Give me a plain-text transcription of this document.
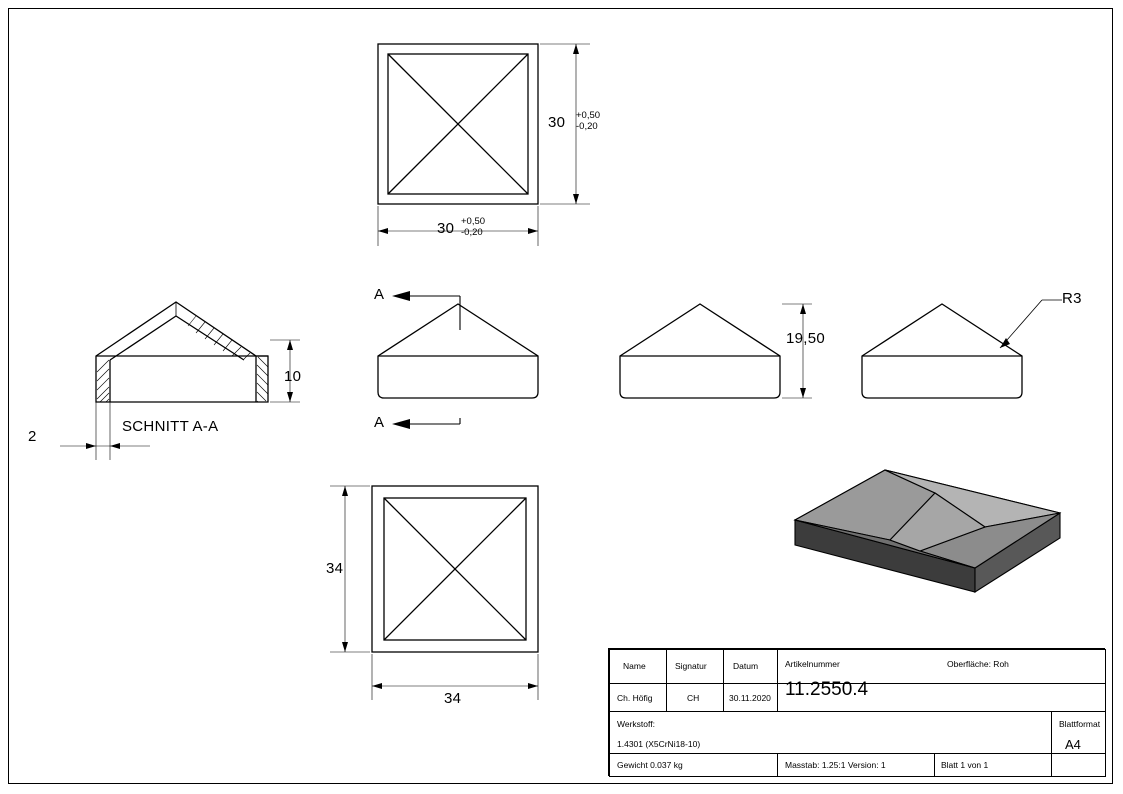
30 +0,50
-0,20
30 +0,50
-0,20
10
2
SCHNITT A-A
A
A
19,50
R3
34
34
Name	Signatur	Datum	Artikelnummer	Oberfläche: Roh
Ch. Höfig	CH	30.11.2020 11.2550.4
Werkstoff:
1.4301 (X5CrNi18-10)
Blattformat
A4
Gewicht 0.037 kg	Masstab: 1.25:1 Version: 1	Blatt 1 von 1
